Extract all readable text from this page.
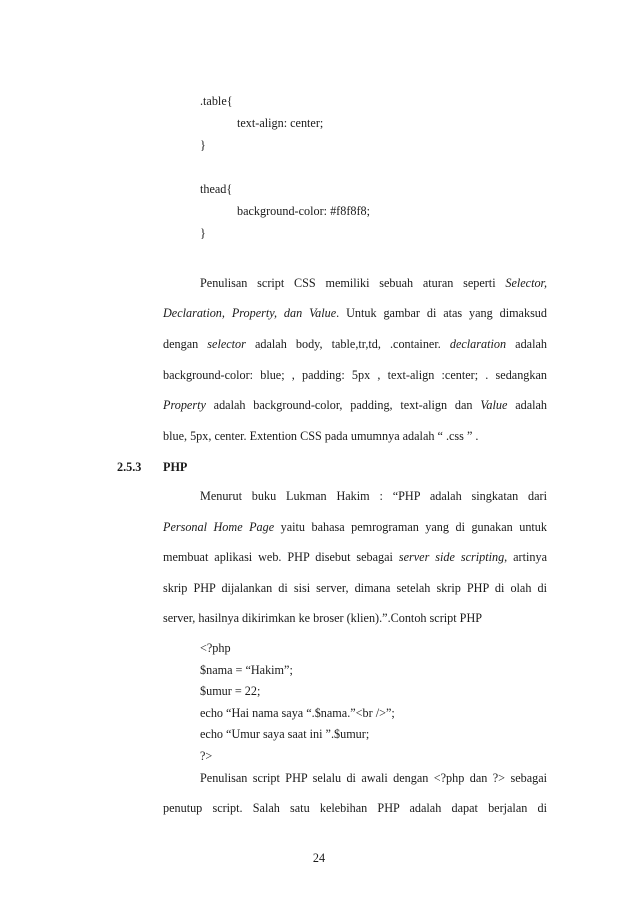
.table{
text-align: center;
}
thead{
background-color: #f8f8f8;
}
Penulisan script CSS memiliki sebuah aturan seperti Selector,
Declaration, Property, dan Value. Untuk gambar di atas yang dimaksud
dengan selector adalah body, table,tr,td, .container. declaration adalah
background-color: blue; , padding: 5px , text-align :center; . sedangkan
Property adalah background-color, padding, text-align dan Value adalah
blue, 5px, center. Extention CSS pada umumnya adalah “ .css ” .
2.5.3 PHP
Menurut buku Lukman Hakim : “PHP adalah singkatan dari
Personal Home Page yaitu bahasa pemrograman yang di gunakan untuk
membuat aplikasi web. PHP disebut sebagai server side scripting, artinya
skrip PHP dijalankan di sisi server, dimana setelah skrip PHP di olah di
server, hasilnya dikirimkan ke broser (klien).”.Contoh script PHP
<?php
$nama = “Hakim”;
$umur = 22;
echo “Hai nama saya “.$nama.”<br />”;
echo “Umur saya saat ini ”.$umur;
?>
Penulisan script PHP selalu di awali dengan <?php dan ?> sebagai
penutup script. Salah satu kelebihan PHP adalah dapat berjalan di
24
